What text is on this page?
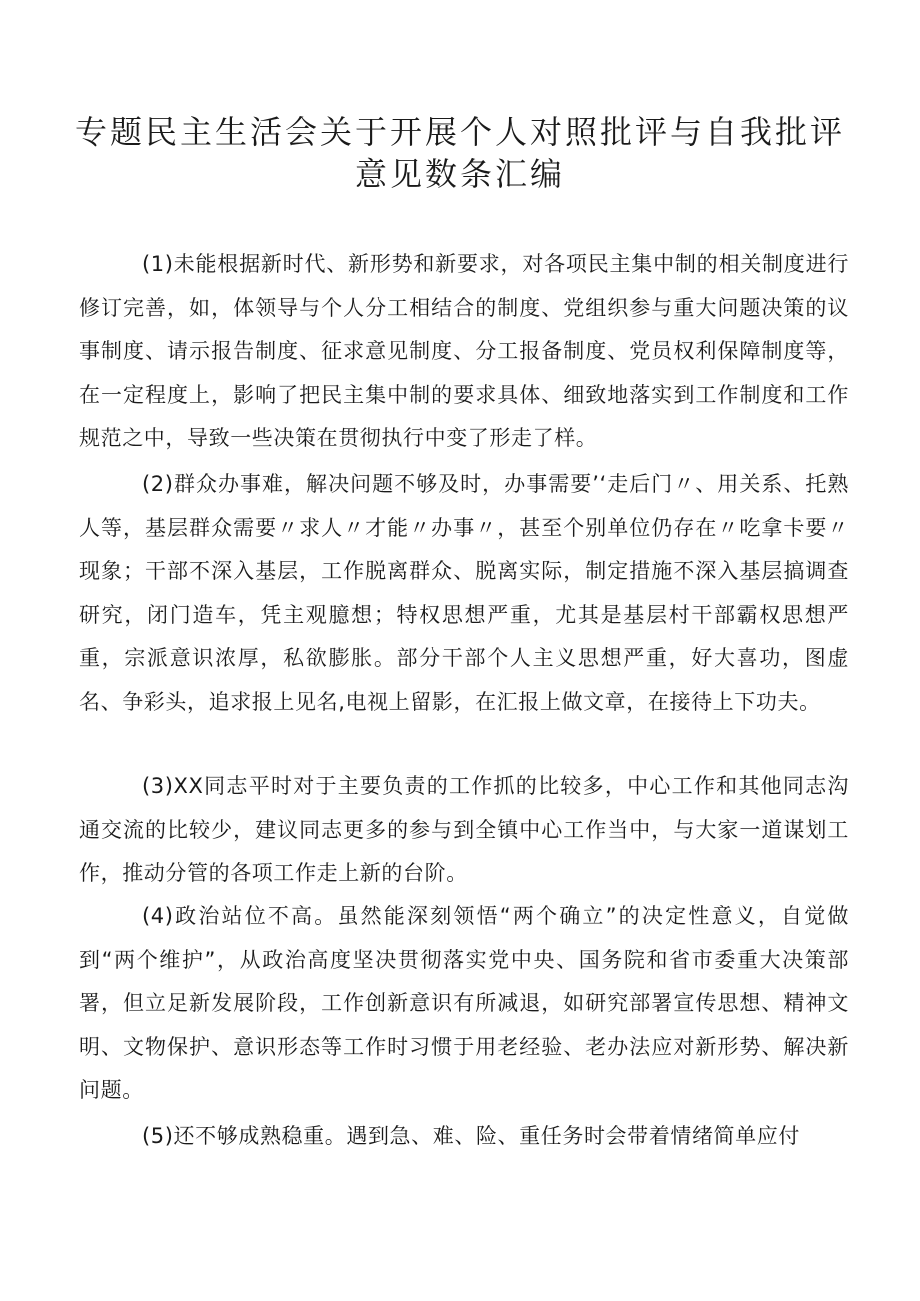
专题民主生活会关于开展个人对照批评与自我批评
意见数条汇编

(1)未能根据新时代、新形势和新要求，对各项民主集中制的相关制度进行修订完善，如，体领导与个人分工相结合的制度、党组织参与重大问题决策的议事制度、请示报告制度、征求意见制度、分工报备制度、党员权利保障制度等，在一定程度上，影响了把民主集中制的要求具体、细致地落实到工作制度和工作规范之中，导致一些决策在贯彻执行中变了形走了样。

(2)群众办事难，解决问题不够及时，办事需要’‘走后门〃、用关系、托熟人等，基层群众需要〃求人〃才能〃办事〃，甚至个别单位仍存在〃吃拿卡要〃现象；干部不深入基层，工作脱离群众、脱离实际，制定措施不深入基层搞调查研究，闭门造车，凭主观臆想；特权思想严重，尤其是基层村干部霸权思想严重，宗派意识浓厚，私欲膨胀。部分干部个人主义思想严重，好大喜功，图虚名、争彩头，追求报上见名,电视上留影，在汇报上做文章，在接待上下功夫。

(3)XX同志平时对于主要负责的工作抓的比较多，中心工作和其他同志沟通交流的比较少，建议同志更多的参与到全镇中心工作当中，与大家一道谋划工作，推动分管的各项工作走上新的台阶。

(4)政治站位不高。虽然能深刻领悟“两个确立”的决定性意义，自觉做到“两个维护”，从政治高度坚决贯彻落实党中央、国务院和省市委重大决策部署，但立足新发展阶段，工作创新意识有所减退，如研究部署宣传思想、精神文明、文物保护、意识形态等工作时习惯于用老经验、老办法应对新形势、解决新问题。

(5)还不够成熟稳重。遇到急、难、险、重任务时会带着情绪简单应付
